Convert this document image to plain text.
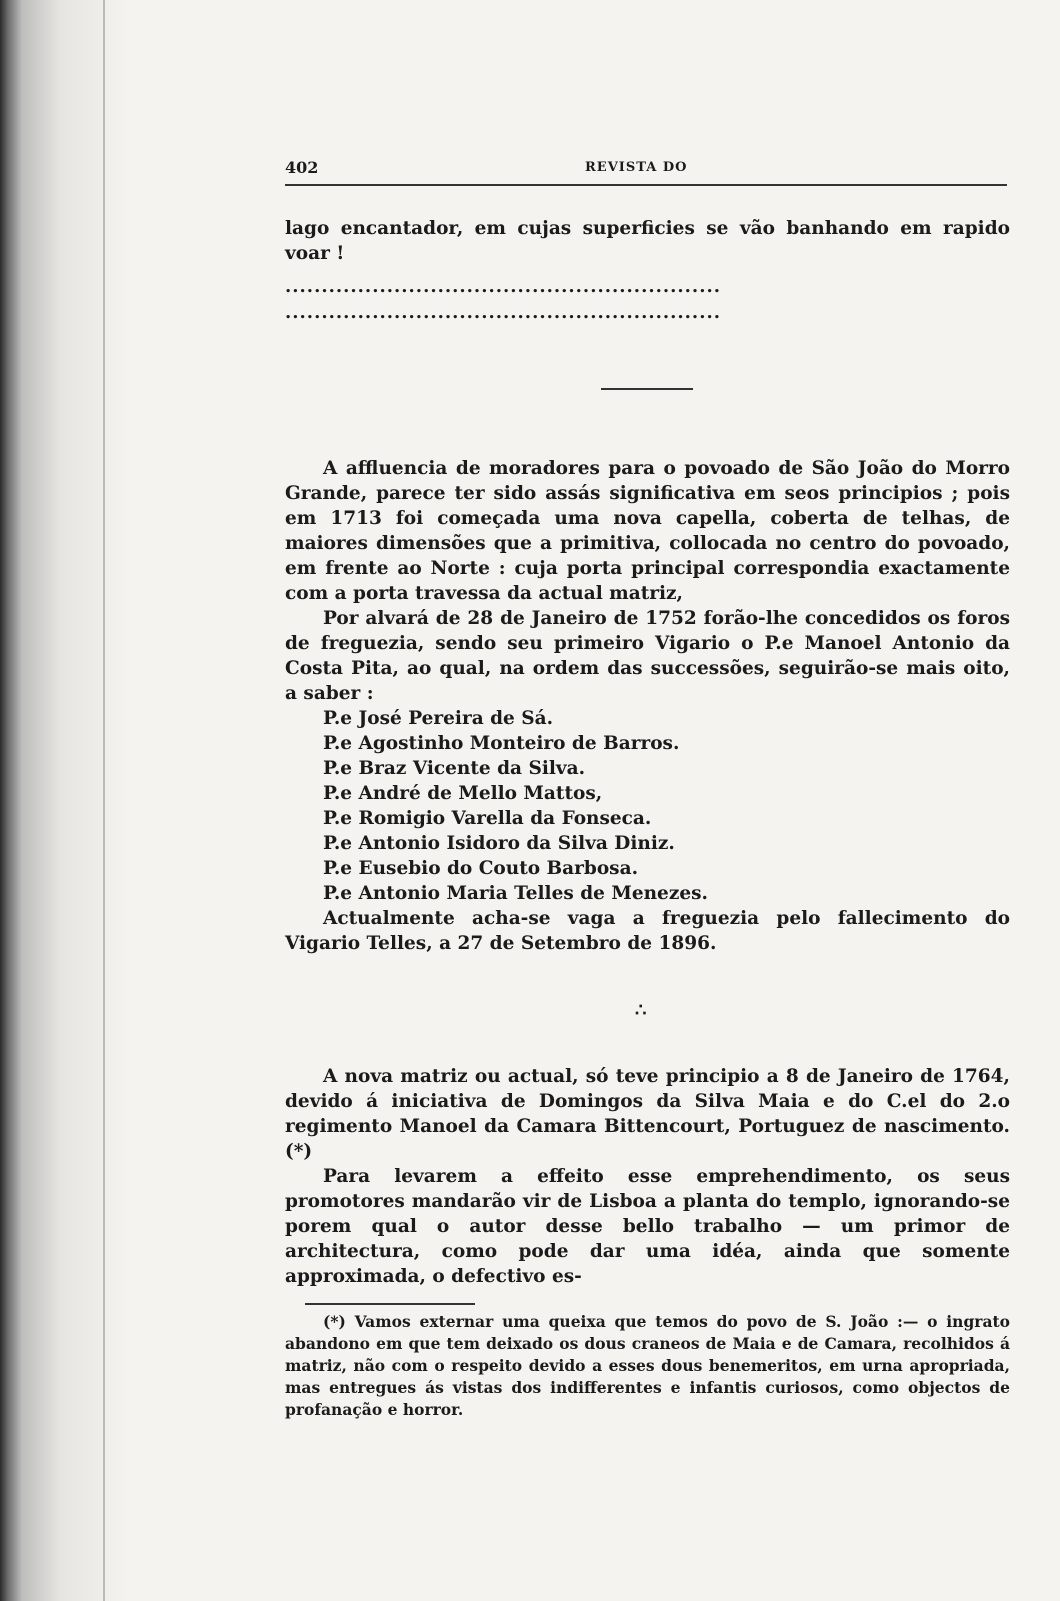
402	REVISTA DO

lago encantador, em cujas superficies se vão banhando em rapido voar !

............................................................
............................................................

A affluencia de moradores para o povoado de São João do Morro Grande, parece ter sido assás significativa em seos principios ; pois em 1713 foi começada uma nova capella, coberta de telhas, de maiores dimensões que a primitiva, collocada no centro do povoado, em frente ao Norte : cuja porta principal correspondia exactamente com a porta travessa da actual matriz,

Por alvará de 28 de Janeiro de 1752 forão-lhe concedidos os foros de freguezia, sendo seu primeiro Vigario o P.e Manoel Antonio da Costa Pita, ao qual, na ordem das successões, seguirão-se mais oito, a saber :

P.e José Pereira de Sá.
P.e Agostinho Monteiro de Barros.
P.e Braz Vicente da Silva.
P.e André de Mello Mattos,
P.e Romigio Varella da Fonseca.
P.e Antonio Isidoro da Silva Diniz.
P.e Eusebio do Couto Barbosa.
P.e Antonio Maria Telles de Menezes.

Actualmente acha-se vaga a freguezia pelo fallecimento do Vigario Telles, a 27 de Setembro de 1896.

∴

A nova matriz ou actual, só teve principio a 8 de Janeiro de 1764, devido á iniciativa de Domingos da Silva Maia e do C.el do 2.o regimento Manoel da Camara Bittencourt, Portuguez de nascimento. (*)

Para levarem a effeito esse emprehendimento, os seus promotores mandarão vir de Lisboa a planta do templo, ignorando-se porem qual o autor desse bello trabalho — um primor de architectura, como pode dar uma idéa, ainda que somente approximada, o defectivo es-

(*) Vamos externar uma queixa que temos do povo de S. João :— o ingrato abandono em que tem deixado os dous craneos de Maia e de Camara, recolhidos á matriz, não com o respeito devido a esses dous benemeritos, em urna apropriada, mas entregues ás vistas dos indifferentes e infantis curiosos, como objectos de profanação e horror.
